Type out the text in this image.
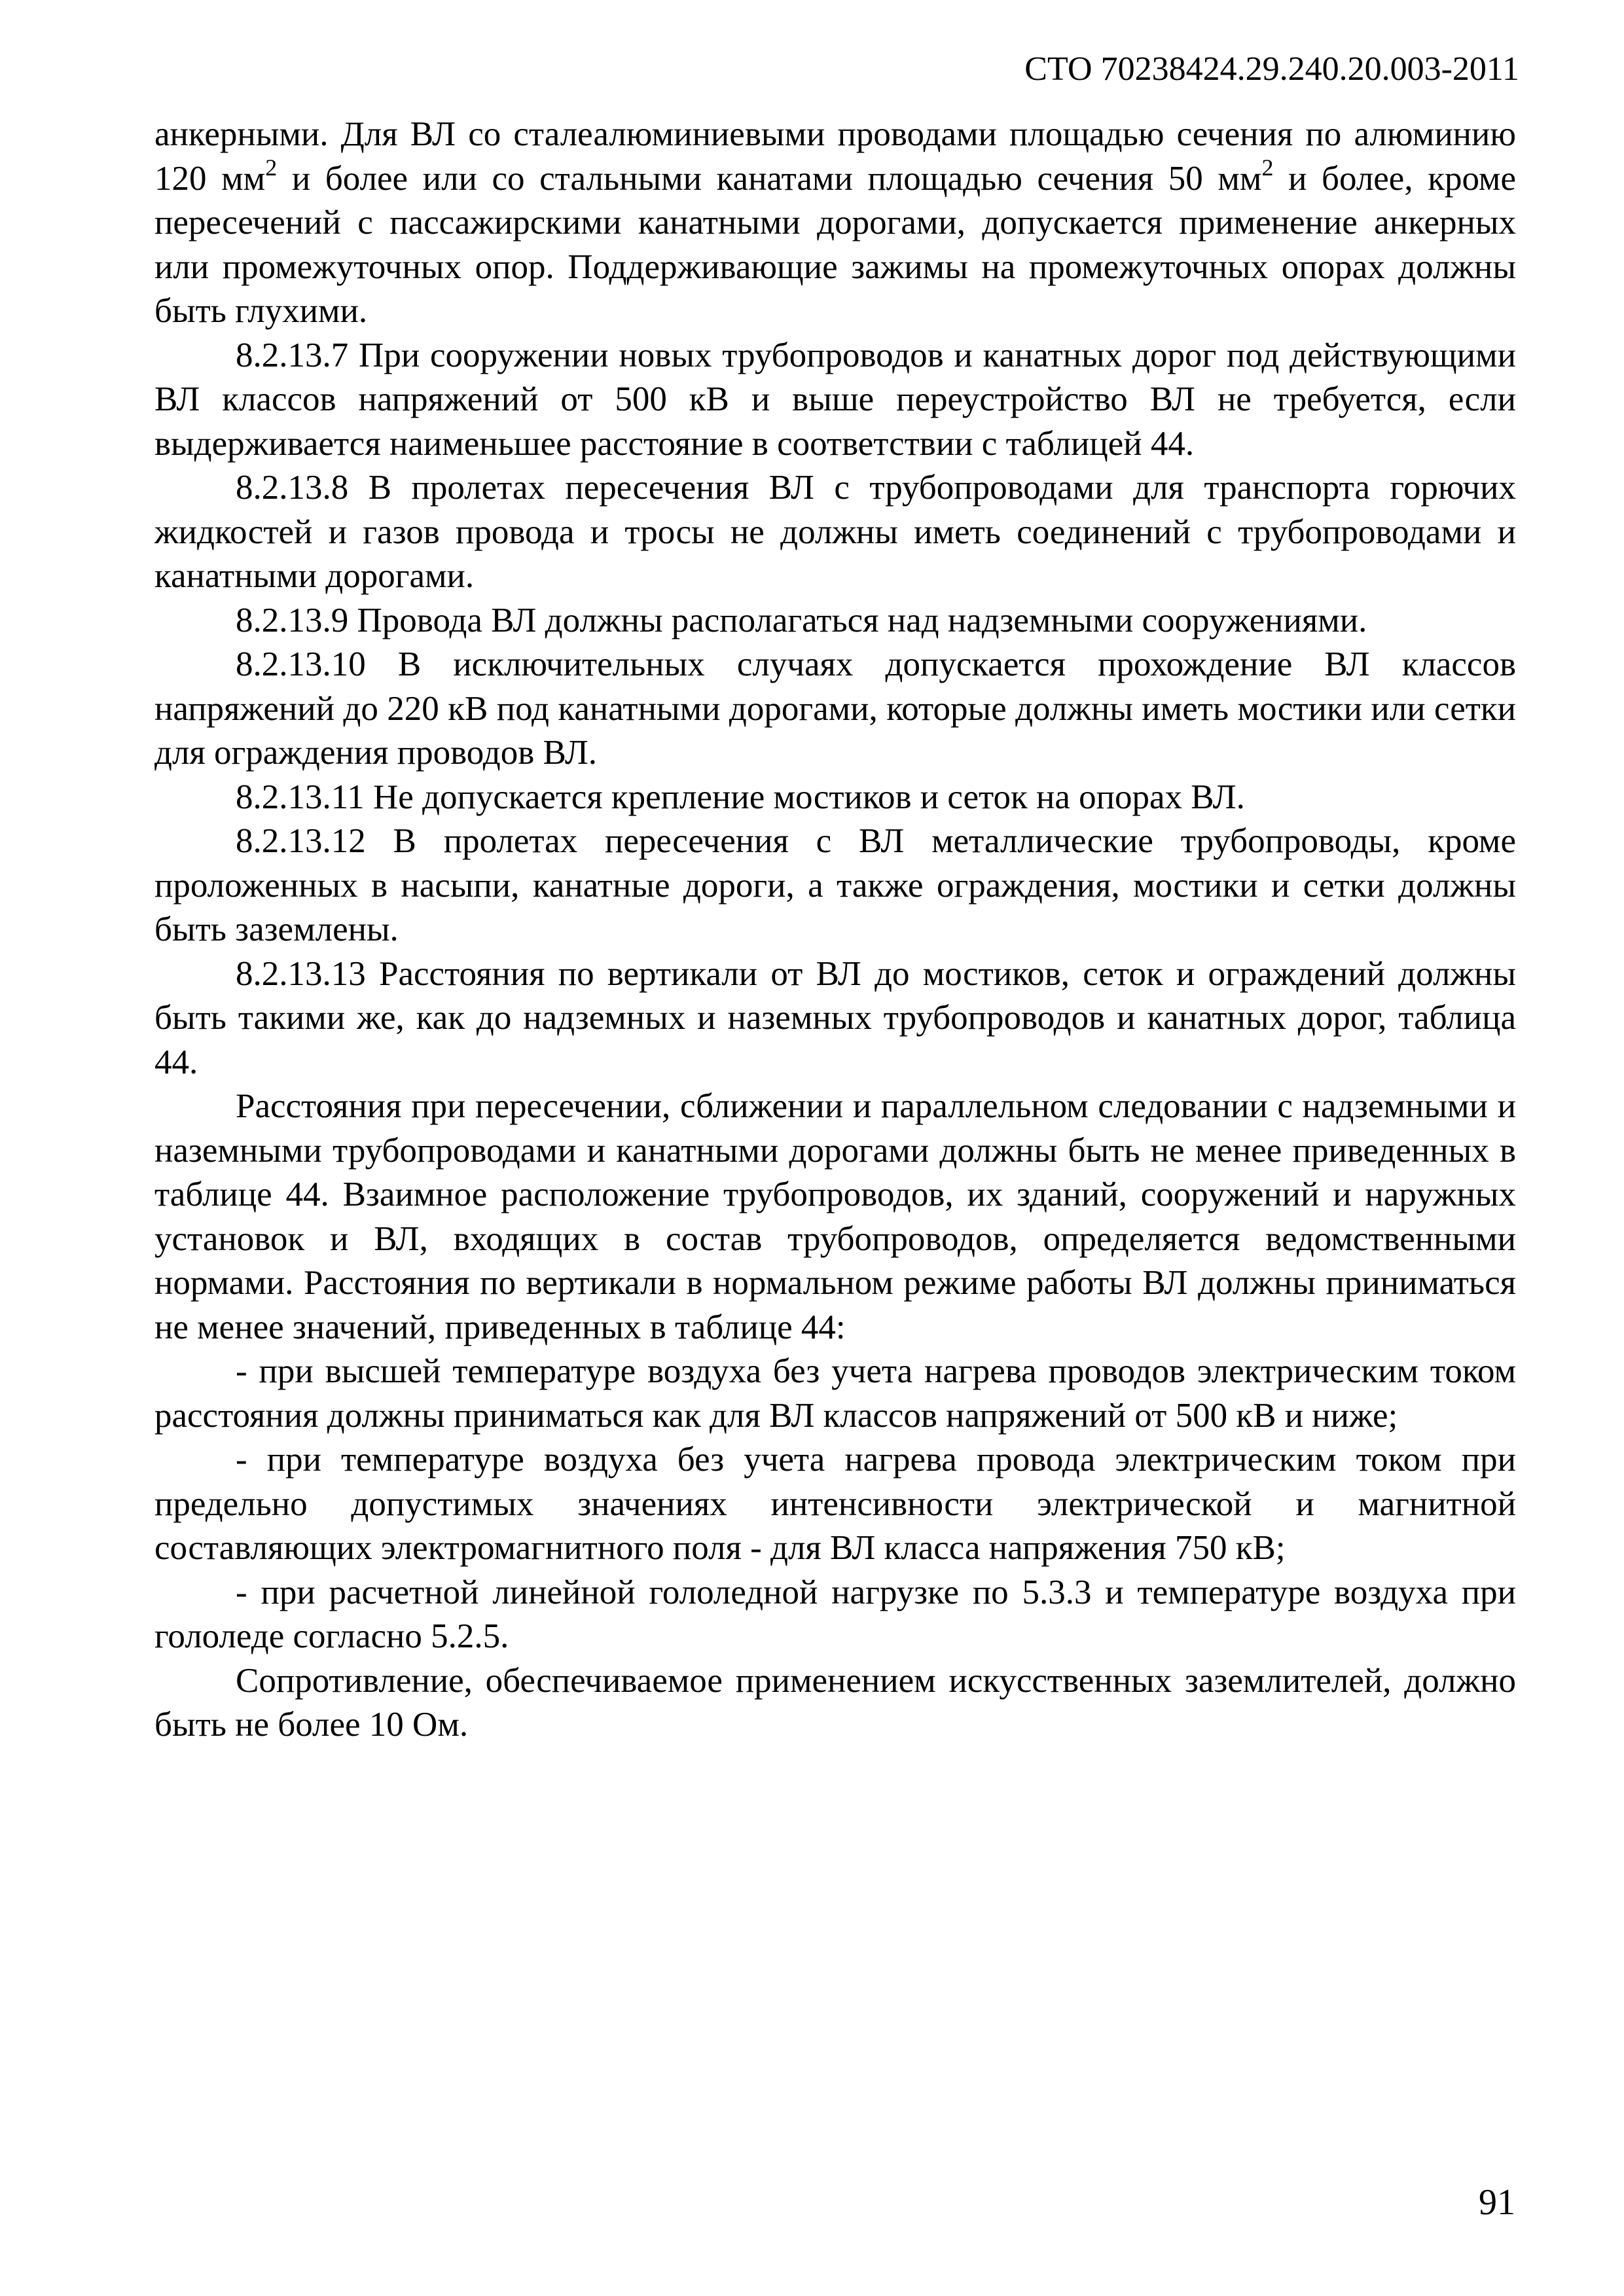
СТО 70238424.29.240.20.003-2011

анкерными. Для ВЛ со сталеалюминиевыми проводами площадью сечения по алюминию 120 $мм^2$ и более или со стальными канатами площадью сечения 50 $мм^2$ и более, кроме пересечений с пассажирскими канатными дорогами, допускается применение анкерных или промежуточных опор. Поддерживающие зажимы на промежуточных опорах должны быть глухими.

8.2.13.7 При сооружении новых трубопроводов и канатных дорог под действующими ВЛ классов напряжений от 500 кВ и выше переустройство ВЛ не требуется, если выдерживается наименьшее расстояние в соответствии с таблицей 44.

8.2.13.8 В пролетах пересечения ВЛ с трубопроводами для транспорта горючих жидкостей и газов провода и тросы не должны иметь соединений с трубопроводами и канатными дорогами.

8.2.13.9 Провода ВЛ должны располагаться над надземными сооружениями.

8.2.13.10 В исключительных случаях допускается прохождение ВЛ классов напряжений до 220 кВ под канатными дорогами, которые должны иметь мостики или сетки для ограждения проводов ВЛ.

8.2.13.11 Не допускается крепление мостиков и сеток на опорах ВЛ.

8.2.13.12 В пролетах пересечения с ВЛ металлические трубопроводы, кроме проложенных в насыпи, канатные дороги, а также ограждения, мостики и сетки должны быть заземлены.

8.2.13.13 Расстояния по вертикали от ВЛ до мостиков, сеток и ограждений должны быть такими же, как до надземных и наземных трубопроводов и канатных дорог, таблица 44.

Расстояния при пересечении, сближении и параллельном следовании с надземными и наземными трубопроводами и канатными дорогами должны быть не менее приведенных в таблице 44. Взаимное расположение трубопроводов, их зданий, сооружений и наружных установок и ВЛ, входящих в состав трубопроводов, определяется ведомственными нормами. Расстояния по вертикали в нормальном режиме работы ВЛ должны приниматься не менее значений, приведенных в таблице 44:

- при высшей температуре воздуха без учета нагрева проводов электрическим током расстояния должны приниматься как для ВЛ классов напряжений от 500 кВ и ниже;

- при температуре воздуха без учета нагрева провода электрическим током при предельно допустимых значениях интенсивности электрической и магнитной составляющих электромагнитного поля - для ВЛ класса напряжения 750 кВ;

- при расчетной линейной гололедной нагрузке по 5.3.3 и температуре воздуха при гололеде согласно 5.2.5.

Сопротивление, обеспечиваемое применением искусственных заземлителей, должно быть не более 10 Ом.

91
